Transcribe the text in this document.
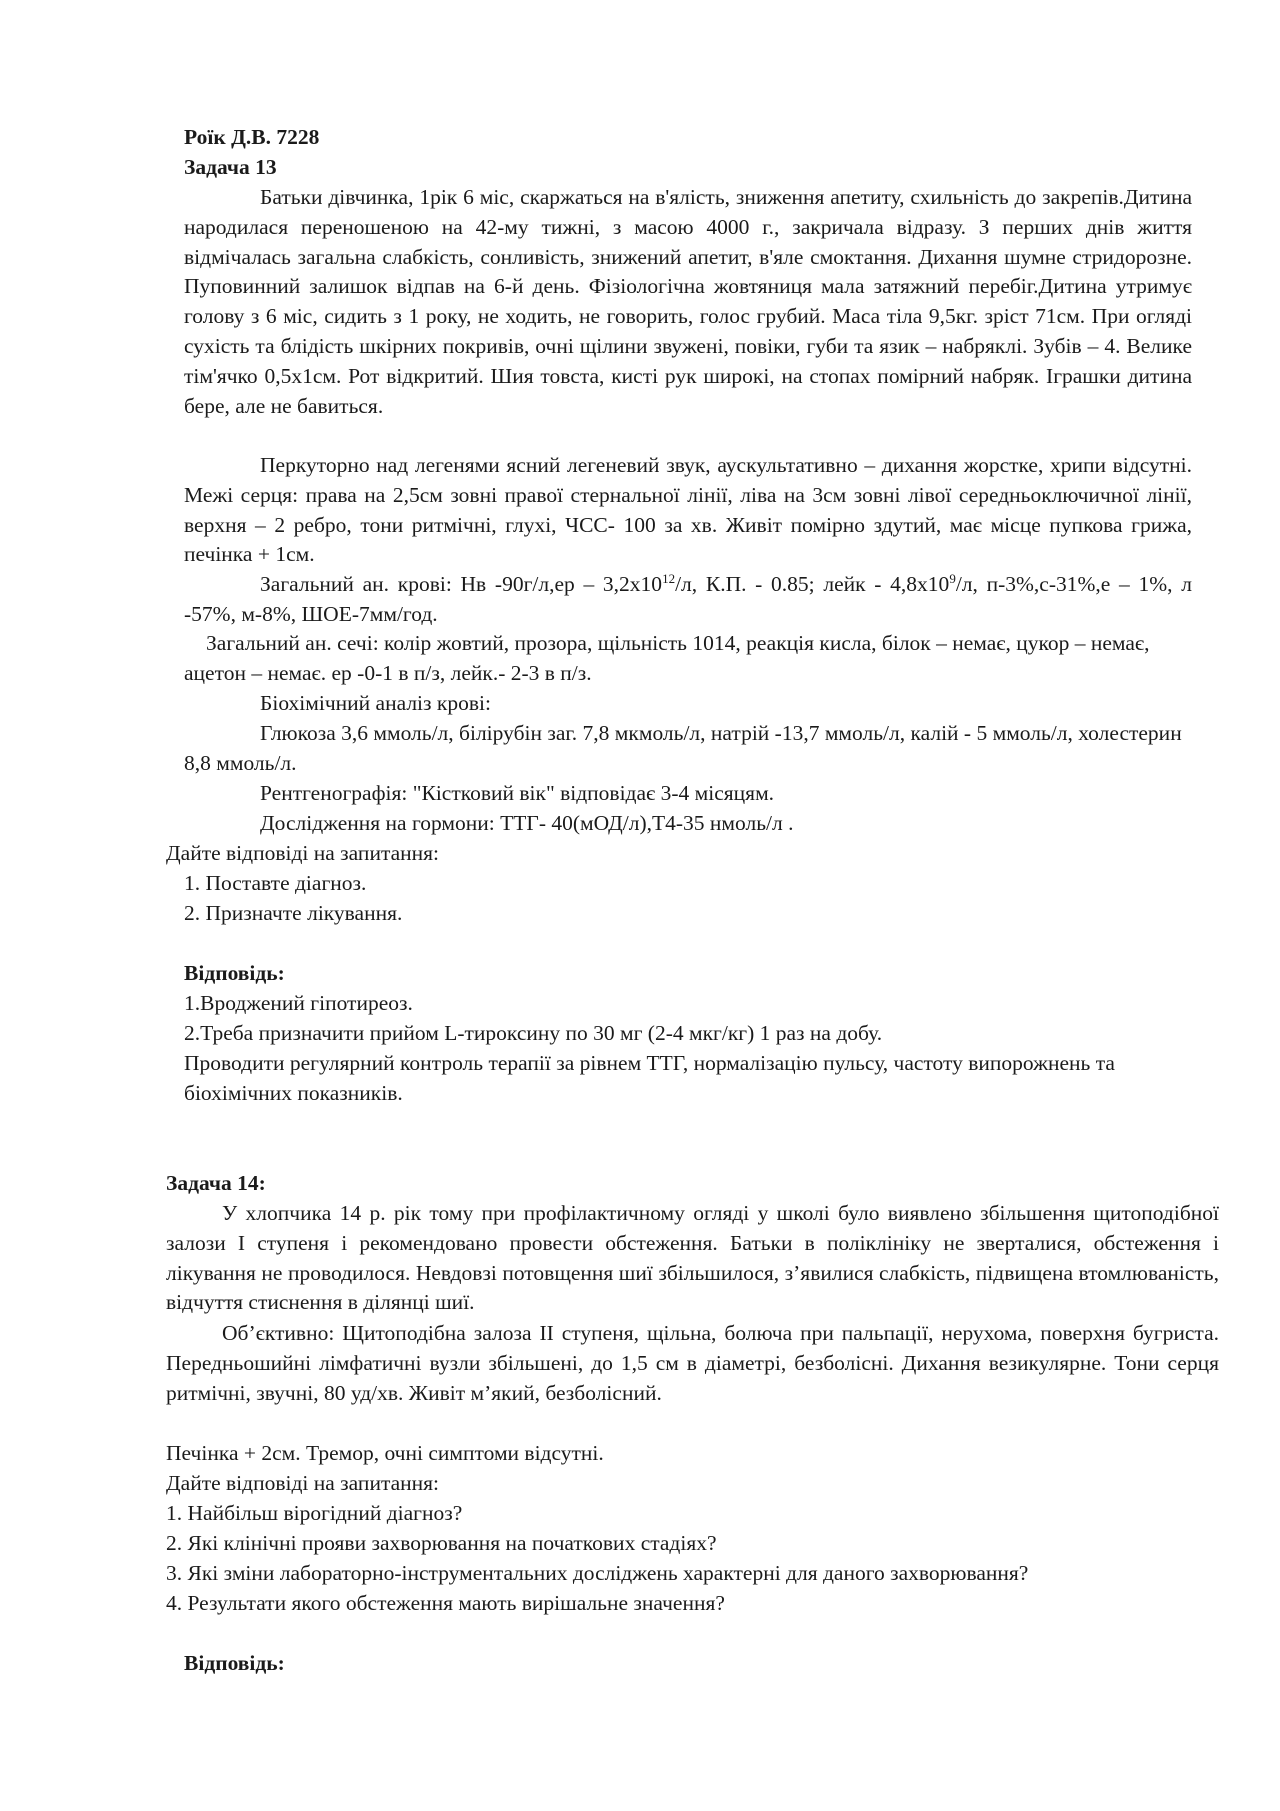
Роїк Д.В. 7228
Задача 13

Батьки дівчинка, 1рік 6 міс, скаржаться на в'ялість, зниження апетиту, схильність до закрепів.Дитина народилася переношеною на 42-му тижні, з масою 4000 г., закричала відразу. З перших днів життя відмічалась загальна слабкість, сонливість, знижений апетит, в'яле смоктання. Дихання шумне стридорозне. Пуповинний залишок відпав на 6-й день. Фізіологічна жовтяниця мала затяжний перебіг.Дитина утримує голову з 6 міс, сидить з 1 року, не ходить, не говорить, голос грубий. Маса тіла 9,5кг. зріст 71см. При огляді сухість та блідість шкірних покривів, очні щілини звужені, повіки, губи та язик – набряклі. Зубів – 4. Велике тім'ячко 0,5х1см. Рот відкритий. Шия товста, кисті рук широкі, на стопах помірний набряк. Іграшки дитина бере, але не бавиться.

Перкуторно над легенями ясний легеневий звук, аускультативно – дихання жорстке, хрипи відсутні. Межі серця: права на 2,5см зовні правої стернальної лінії, ліва на 3см зовні лівої середньоключичної лінії, верхня – 2 ребро, тони ритмічні, глухі, ЧСС- 100 за хв. Живіт помірно здутий, має місце пупкова грижа, печінка + 1см.

Загальний ан. крові: Нв $-90г/л,ер - 3,2х10^{12}/л$, К.П. - 0.85; лейк - $4,8х10^9/л$, п-3%,с-31%,е – 1%, л -57%, м-8%, ШОЕ-7мм/год.

Загальний ан. сечі: колір жовтий, прозора, щільність 1014, реакція кисла, білок – немає, цукор – немає, ацетон – немає. ер -0-1 в п/з, лейк.- 2-3 в п/з.

Біохімічний аналіз крові:

Глюкоза 3,6 ммоль/л, білірубін заг. 7,8 мкмоль/л, натрій -13,7 ммоль/л, калій - 5 ммоль/л, холестерин 8,8 ммоль/л.

Рентгенографія: "Кістковий вік" відповідає 3-4 місяцям.
Дослідження на гормони: ТТГ- 40(мОД/л),Т4-35 нмоль/л .
Дайте відповіді на запитання:
1. Поставте діагноз.
2. Призначте лікування.
Відповідь:
1.Вроджений гіпотиреоз.
2.Треба призначити прийом L-тироксину по 30 мг (2-4 мкг/кг) 1 раз на добу.

Проводити регулярний контроль терапії за рівнем ТТГ, нормалізацію пульсу, частоту випорожнень та біохімічних показників.

Задача 14:

У хлопчика 14 р. рік тому при профілактичному огляді у школі було виявлено збільшення щитоподібної залози І ступеня і рекомендовано провести обстеження. Батьки в поліклініку не зверталися, обстеження і лікування не проводилося. Невдовзі потовщення шиї збільшилося, з’явилися слабкість, підвищена втомлюваність, відчуття стиснення в ділянці шиї.

Об’єктивно: Щитоподібна залоза ІІ ступеня, щільна, болюча при пальпації, нерухома, поверхня бугриста. Передньошийні лімфатичні вузли збільшені, до 1,5 см в діаметрі, безболісні. Дихання везикулярне. Тони серця ритмічні, звучні, 80 уд/хв. Живіт м’який, безболісний.

Печінка + 2см. Тремор, очні симптоми відсутні.
Дайте відповіді на запитання:
1. Найбільш вірогідний діагноз?
2. Які клінічні прояви захворювання на початкових стадіях?
3. Які зміни лабораторно-інструментальних досліджень характерні для даного захворювання?
4. Результати якого обстеження мають вирішальне значення?
Відповідь:
